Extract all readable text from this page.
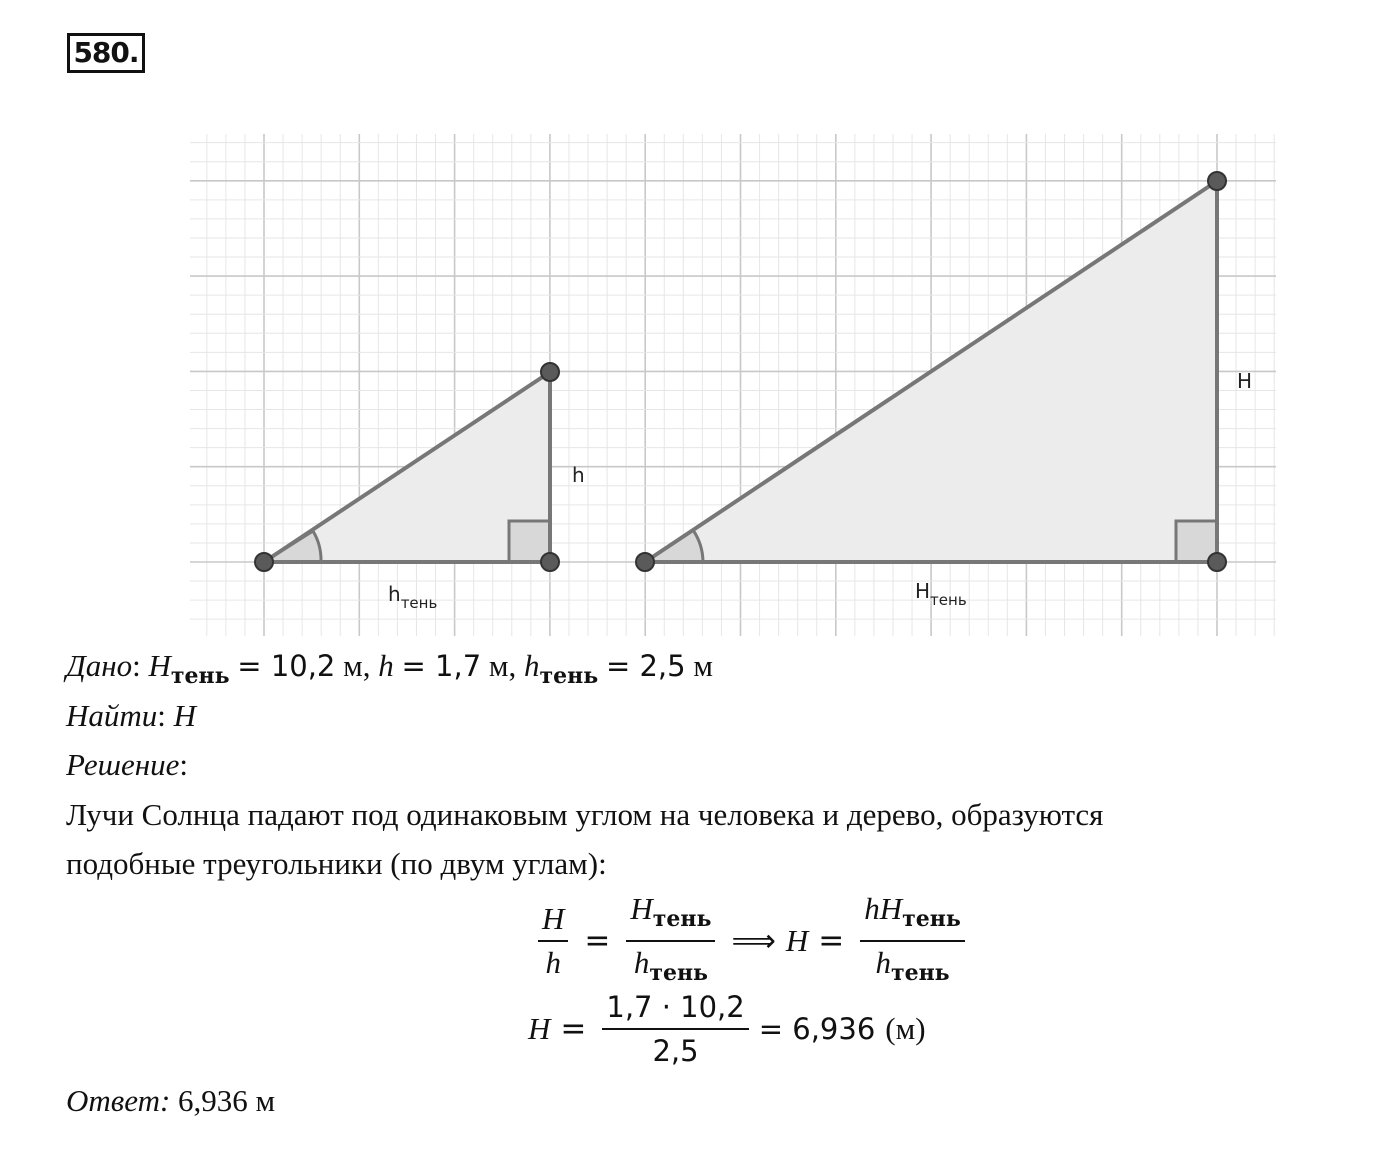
580.
h
$h_{тень}$
H
$H_{тень}$
Дано: $H_{тень} = 10,2$ м, h = 1,7 м, $h_{тень} = 2,5$ м
Найти: H
Решение:
Лучи Солнца падают под одинаковым углом на человека и дерево, образуются
подобные треугольники (по двум углам):
$\frac{H}{h} = \frac{H_{тень}}{h_{тень}}$ ⟹ $H = \frac{hH_{тень}}{h_{тень}}$
$H = \frac{1,7 \cdot 10,2}{2,5} = 6,936$ (м)
Ответ: 6,936 м
